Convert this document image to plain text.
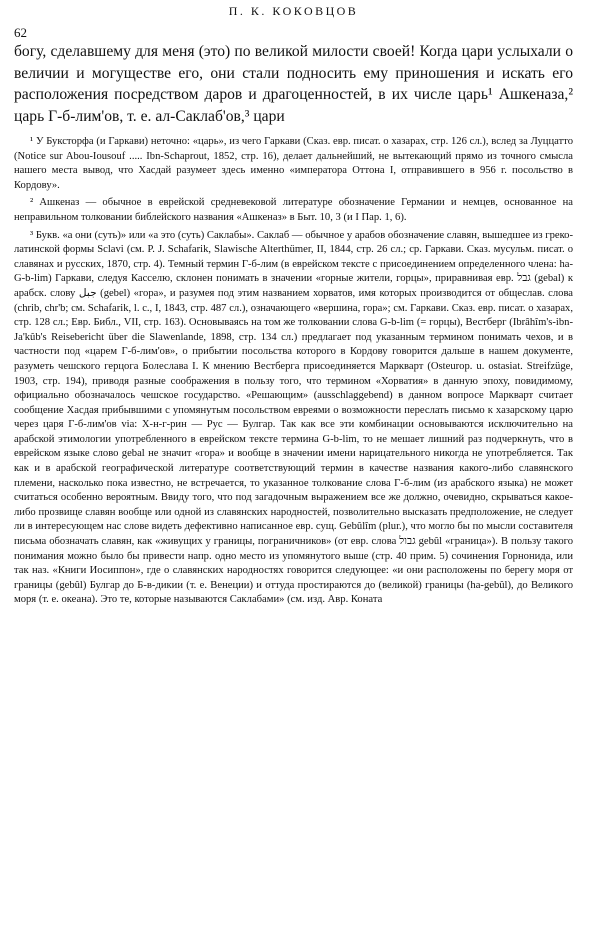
П. К. КОКОВЦОВ
62

богу, сделавшему для меня (это) по великой милости своей! Когда цари услыхали о величии и могуществе его, они стали подносить ему приношения и искать его расположения посредством даров и драгоценностей, в их числе царь¹ Ашкеназа,² царь Г-б-лим'ов, т. е. ал-Саклаб'ов,³ цари

¹ У Буксторфа (и Гаркави) неточно: «царь», из чего Гаркави (Сказ. евр. писат. о хазарах, стр. 126 сл.), вслед за Луццатто (Notice sur Abou-Iousouf ..... Ibn-Schaprout, 1852, стр. 16), делает дальнейший, не вытекающий прямо из точного смысла нашего места вывод, что Хасдай разумеет здесь именно «императора Оттона I, отправившего в 956 г. посольство в Кордову».

² Ашкеназ — обычное в еврейской средневековой литературе обозначение Германии и немцев, основанное на неправильном толковании библейского названия «Ашкеназ» в Быт. 10, 3 (и I Пар. 1, 6).

³ Букв. «а они (суть)» или «а это (суть) Саклабы». Саклаб — обычное у арабов обозначение славян, вышедшее из греко-латинской формы Sclavi (см. P. J. Schafarik, Slawische Alterthümer, II, 1844, стр. 26 сл.; ср. Гаркави. Сказ. мусульм. писат. о славянах и русских, 1870, стр. 4). Темный термин Г-б-лим (в еврейском тексте с присоединением определенного члена: ha-G-b-lim) Гаркави, следуя Касселю, склонен понимать в значении «горные жители, горцы», приравнивая евр. גבל (gebal) к арабск. слову جبل (gebel) «гора», и разумея под этим названием хорватов, имя которых производится от общеслав. слова (chrib, chr'b; см. Schafarik, l. c., I, 1843, стр. 487 сл.), означающего «вершина, гора»; см. Гаркави. Сказ. евр. писат. о хазарах, стр. 128 сл.; Евр. Библ., VII, стр. 163). Основываясь на том же толковании слова G-b-lim (= горцы), Вестберг (Ibrâhîm's-ibn-Ja'kûb's Reisebericht über die Slawenlande, 1898, стр. 134 сл.) предлагает под указанным термином понимать чехов, и в частности под «царем Г-б-лим'ов», о прибытии посольства которого в Кордову говорится дальше в нашем документе, разуметь чешского герцога Болеслава I. К мнению Вестберга присоединяется Маркварт (Osteurop. u. ostasiat. Streifzüge, 1903, стр. 194), приводя разные соображения в пользу того, что термином «Хорватия» в данную эпоху, повидимому, официально обозначалось чешское государство. «Решающим» (ausschlaggebend) в данном вопросе Маркварт считает сообщение Хасдая прибывшими с упомянутым посольством евреями о возможности переслать письмо к хазарскому царю через царя Г-б-лим'ов via: Х-н-г-рин — Рус — Булгар. Так как все эти комбинации основываются исключительно на арабской этимологии употребленного в еврейском тексте термина G-b-lim, то не мешает лишний раз подчеркнуть, что в еврейском языке слово gebal не значит «гора» и вообще в значении имени нарицательного никогда не употребляется. Так как и в арабской географической литературе соответствующий термин в качестве названия какого-либо славянского племени, насколько пока известно, не встречается, то указанное толкование слова Г-б-лим (из арабского языка) не может считаться особенно вероятным. Ввиду того, что под загадочным выражением все же должно, очевидно, скрываться какое-либо прозвище славян вообще или одной из славянских народностей, позволительно высказать предположение, не следует ли в интересующем нас слове видеть дефективно написанное евр. сущ. Gebûlîm (plur.), что могло бы по мысли составителя письма обозначать славян, как «живущих у границы, пограничников» (от евр. слова גבול gebûl «граница»). В пользу такого понимания можно было бы привести напр. одно место из упомянутого выше (стр. 40 прим. 5) сочинения Горнонида, или так наз. «Книги Иосиппон», где о славянских народностях говорится следующее: «и они расположены по берегу моря от границы (gebûl) Булгар до Б-в-дикии (т. е. Венеции) и оттуда простираются до (великой) границы (ha-gebûl), до Великого моря (т. е. океана). Это те, которые называются Саклабами» (см. изд. Авр. Коната
